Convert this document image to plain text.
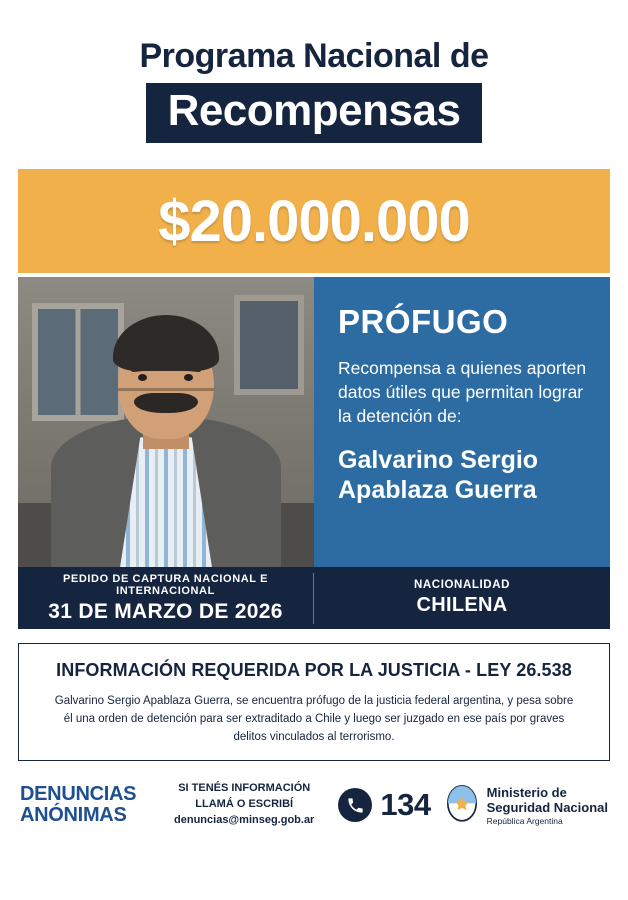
Programa Nacional de
Recompensas
$20.000.000
PRÓFUGO
Recompensa a quienes aporten datos útiles que permitan lograr la detención de:
Galvarino Sergio Apablaza Guerra
PEDIDO DE CAPTURA NACIONAL E INTERNACIONAL
31 DE MARZO DE 2026
NACIONALIDAD
CHILENA
INFORMACIÓN REQUERIDA POR LA JUSTICIA - LEY 26.538
Galvarino Sergio Apablaza Guerra, se encuentra prófugo de la justicia federal argentina, y pesa sobre él una orden de detención para ser extraditado a Chile y luego ser juzgado en ese país por graves delitos vinculados al terrorismo.
DENUNCIAS
ANÓNIMAS
SI TENÉS INFORMACIÓN
LLAMÁ O ESCRIBÍ
denuncias@minseg.gob.ar	134	Ministerio de
Seguridad Nacional
República Argentina
